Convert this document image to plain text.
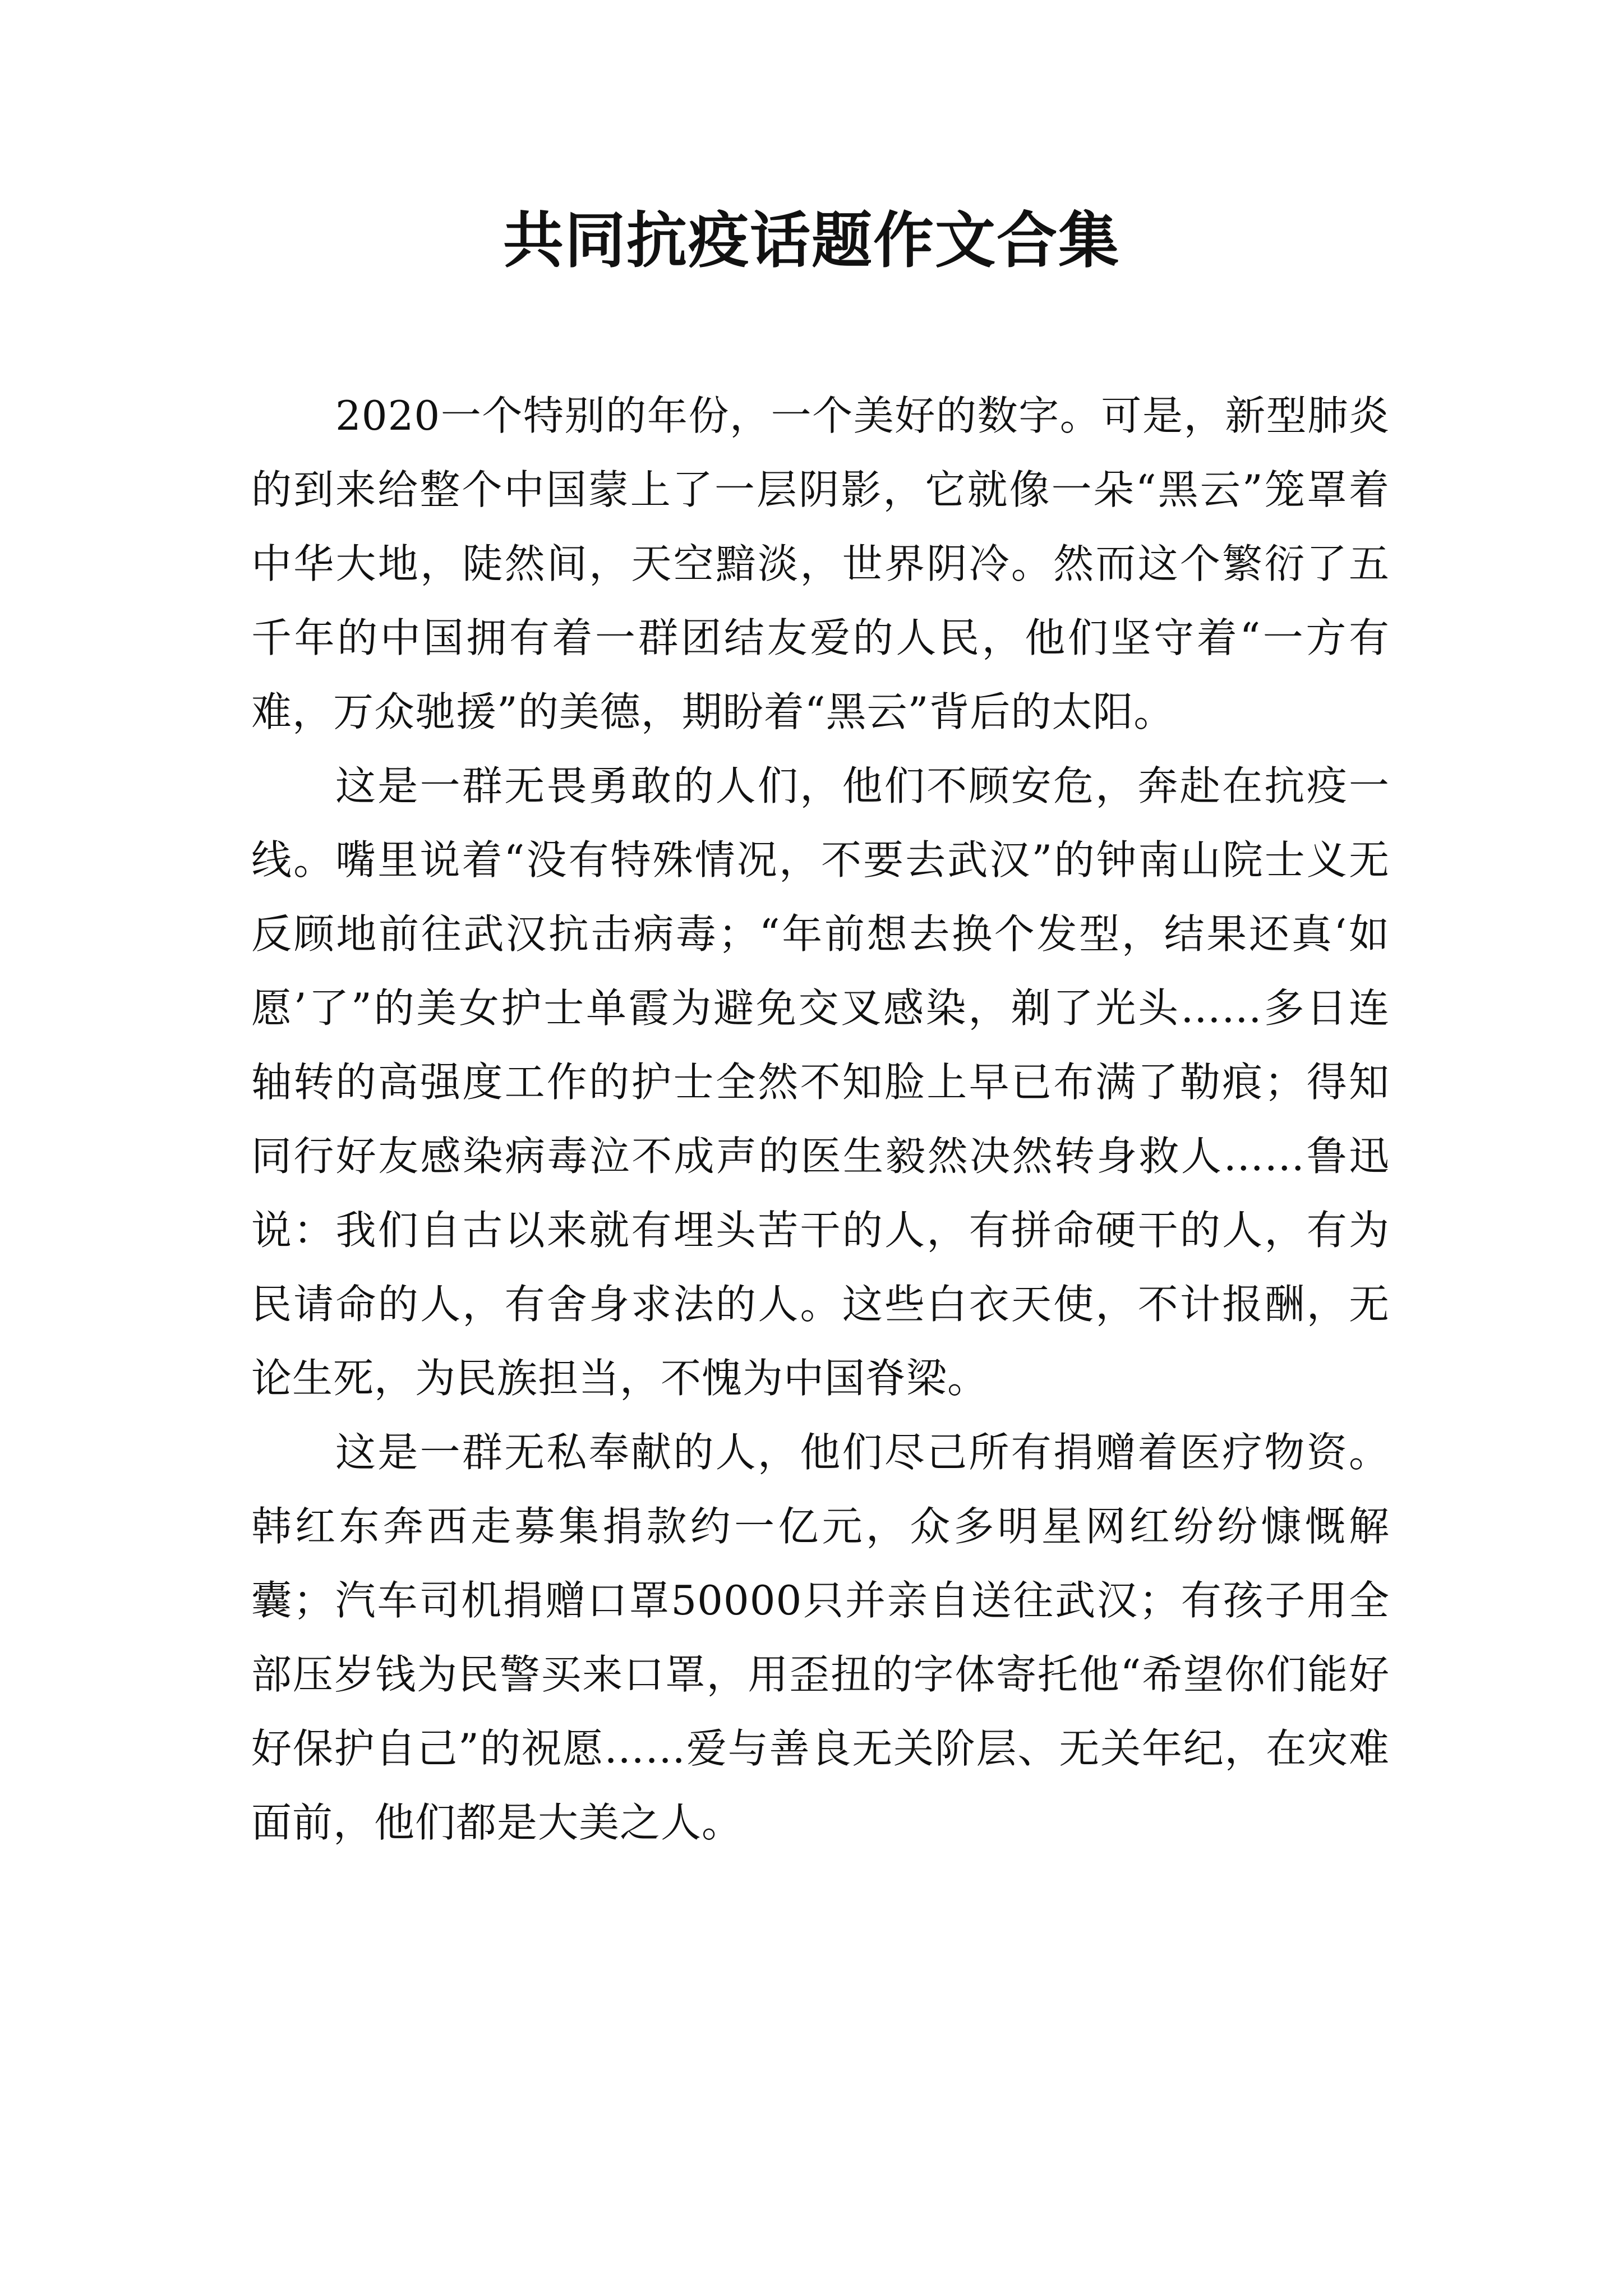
共同抗疫话题作文合集

2020一个特别的年份，一个美好的数字。可是，新型肺炎的到来给整个中国蒙上了一层阴影，它就像一朵“黑云”笼罩着中华大地，陡然间，天空黯淡，世界阴冷。然而这个繁衍了五千年的中国拥有着一群团结友爱的人民，他们坚守着“一方有难，万众驰援”的美德，期盼着“黑云”背后的太阳。

这是一群无畏勇敢的人们，他们不顾安危，奔赴在抗疫一线。嘴里说着“没有特殊情况，不要去武汉”的钟南山院士义无反顾地前往武汉抗击病毒；“年前想去换个发型，结果还真‘如愿’了”的美女护士单霞为避免交叉感染，剃了光头……多日连轴转的高强度工作的护士全然不知脸上早已布满了勒痕；得知同行好友感染病毒泣不成声的医生毅然决然转身救人……鲁迅说：我们自古以来就有埋头苦干的人，有拼命硬干的人，有为民请命的人，有舍身求法的人。这些白衣天使，不计报酬，无论生死，为民族担当，不愧为中国脊梁。

这是一群无私奉献的人，他们尽己所有捐赠着医疗物资。韩红东奔西走募集捐款约一亿元，众多明星网红纷纷慷慨解囊；汽车司机捐赠口罩50000只并亲自送往武汉；有孩子用全部压岁钱为民警买来口罩，用歪扭的字体寄托他“希望你们能好好保护自己”的祝愿……爱与善良无关阶层、无关年纪，在灾难面前，他们都是大美之人。
